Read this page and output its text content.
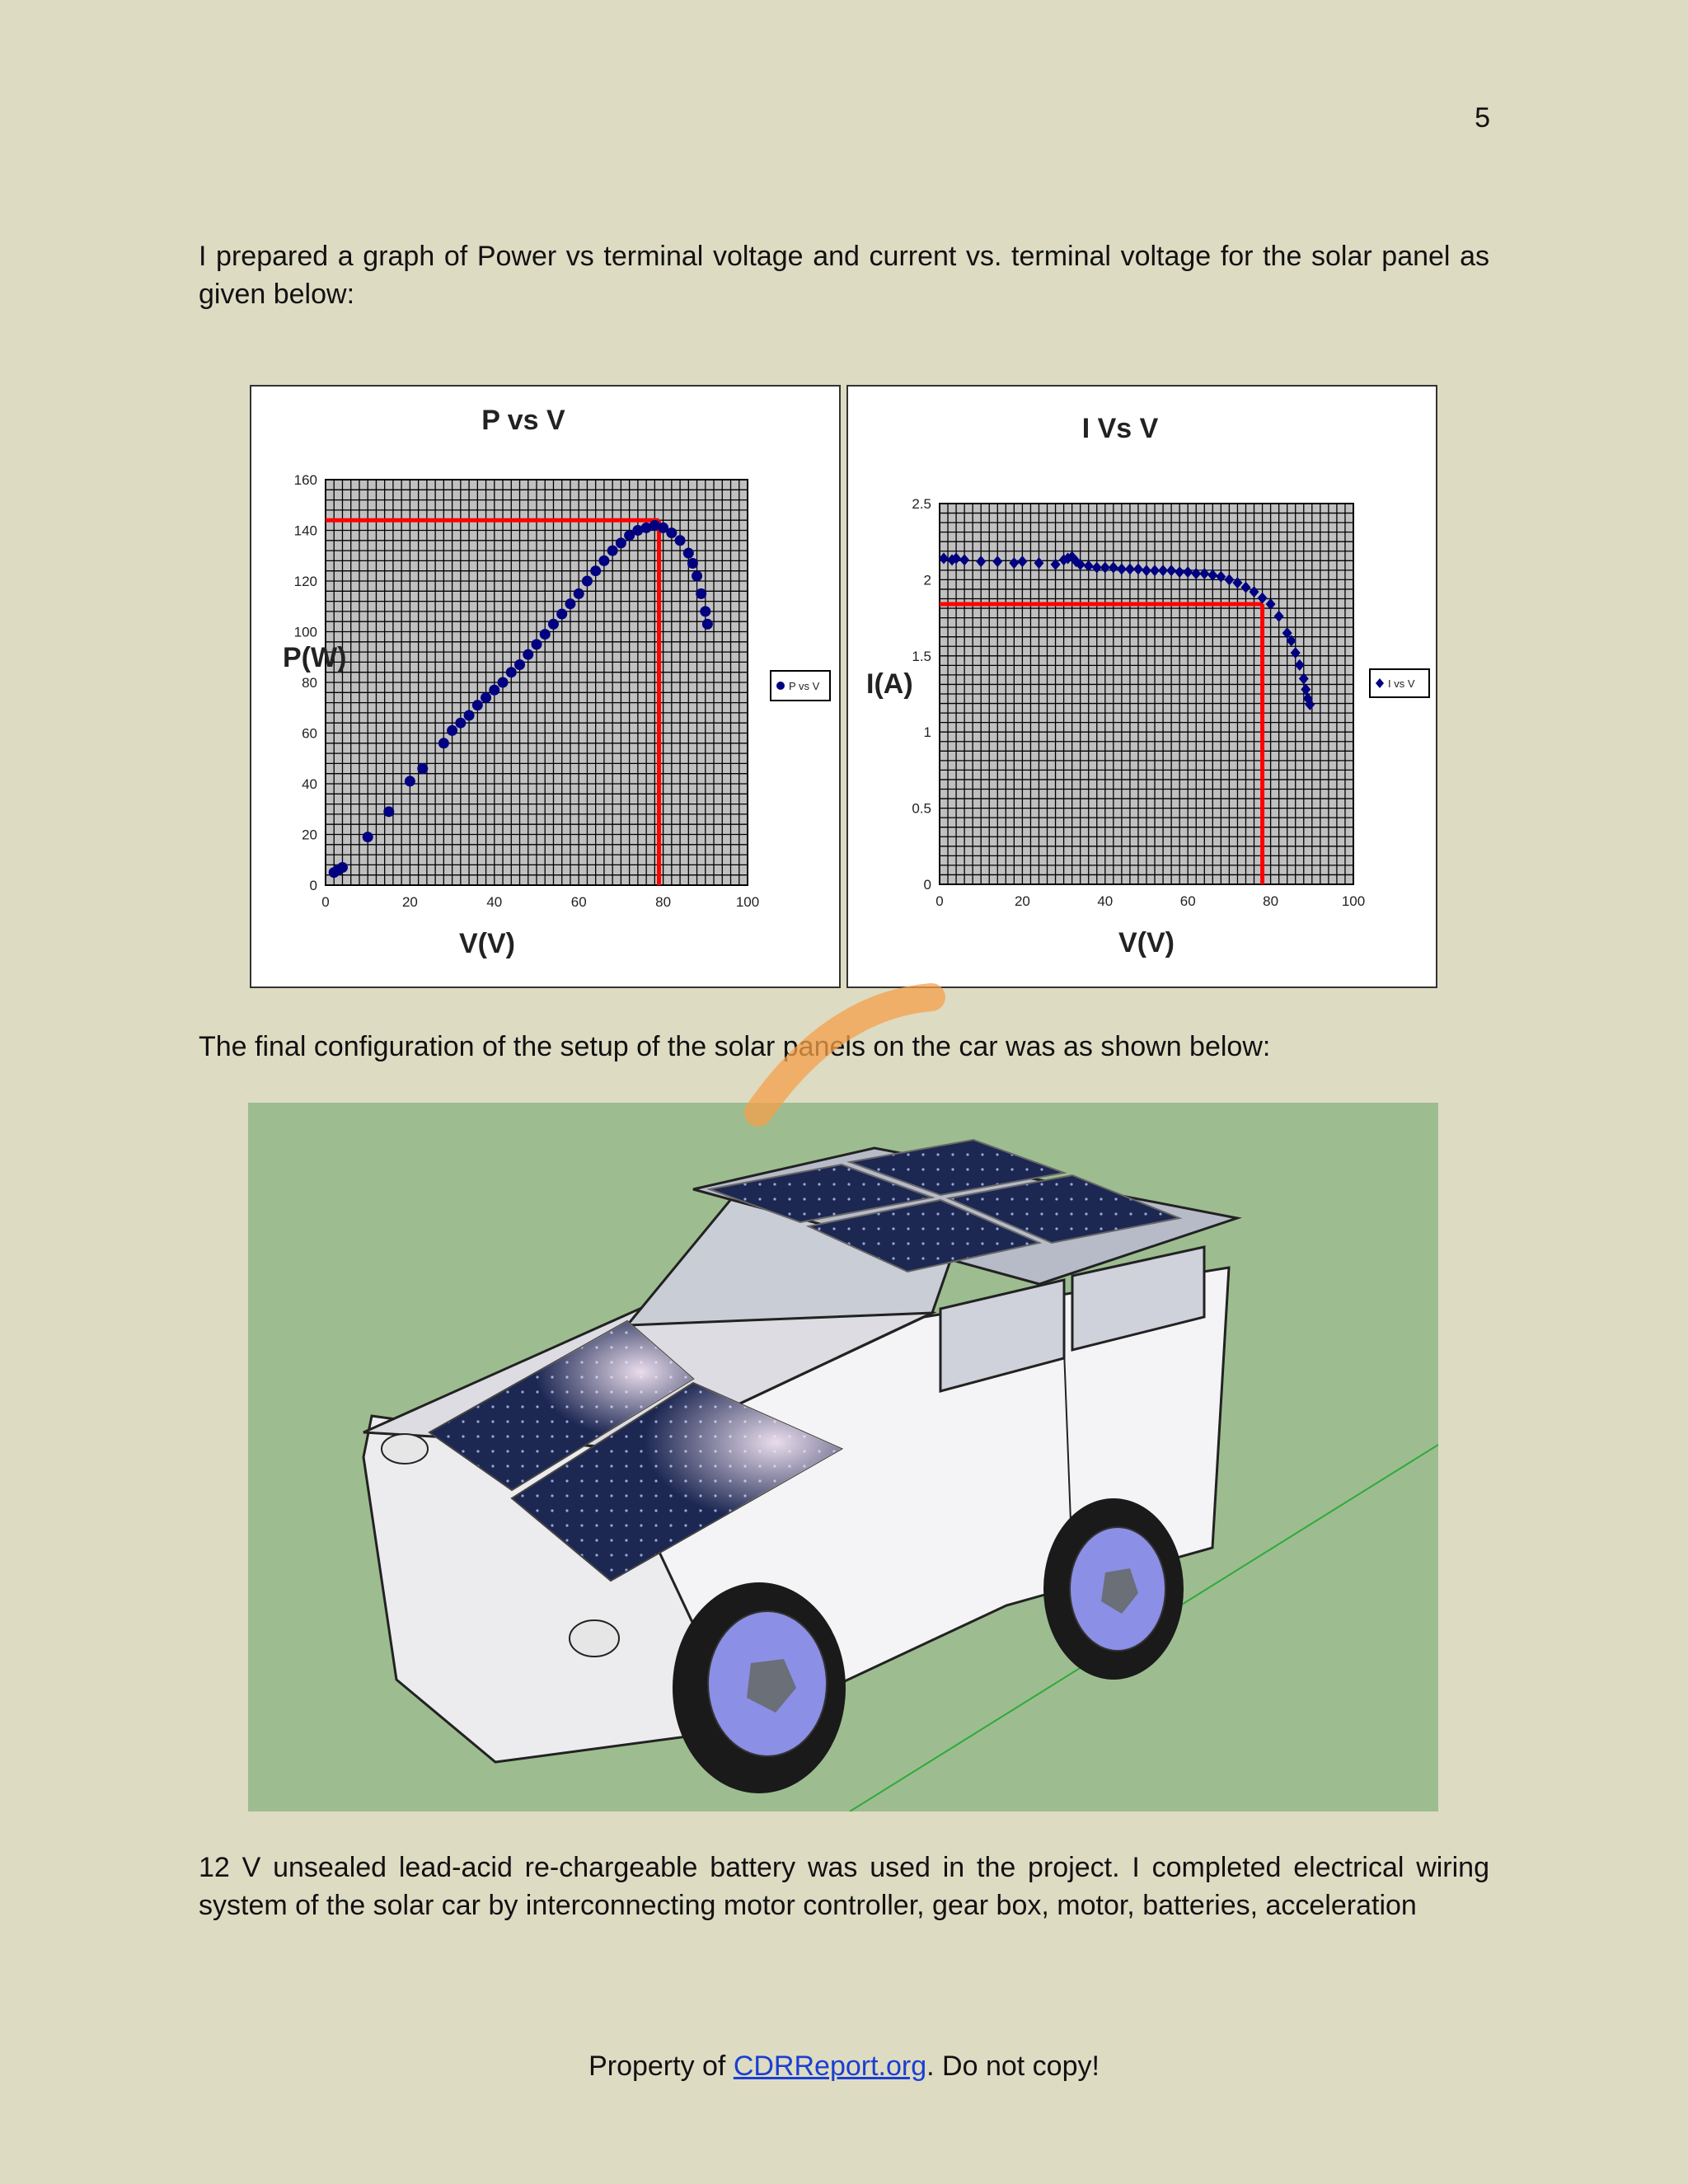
5
I prepared a graph of Power vs terminal voltage and current vs. terminal voltage for the solar panel as given below:
P vs V
0	20	40	60	80	100
0
20
40
60
80
100
120
140
160
V(V)
P(W)
P vs V
I Vs V
0	20	40	60	80	100
0
0.5
1
1.5
2
2.5
V(V)
I(A)	I vs V
The final configuration of the setup of the solar panels on the car was as shown below:
12 V unsealed lead-acid re-chargeable battery was used in the project. I completed electrical wiring system of the solar car by interconnecting motor controller, gear box, motor, batteries, acceleration
Property of CDRReport.org. Do not copy!
